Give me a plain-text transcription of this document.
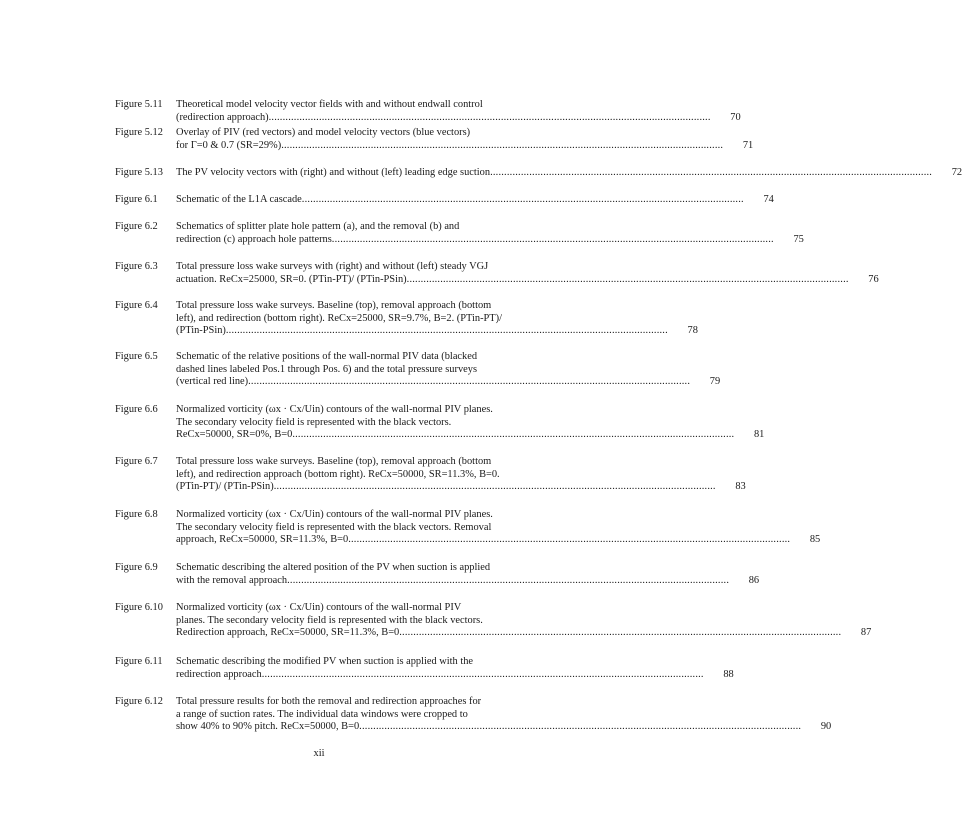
Figure 5.11	Theoretical model velocity vector fields with and without endwall control
(redirection approach) ..............................................................................................................................................................	70
Figure 5.12	Overlay of PIV (red vectors) and model velocity vectors (blue vectors)
for Γ=0 & 0.7 (SR=29%) ..............................................................................................................................................................	71
Figure 5.13	The PV velocity vectors with (right) and without (left) leading edge suction ..............................................................................................................................................................	72
Figure 6.1	Schematic of the L1A cascade ..............................................................................................................................................................	74
Figure 6.2	Schematics of splitter plate hole pattern (a), and the removal (b) and
redirection (c) approach hole patterns ..............................................................................................................................................................	75
Figure 6.3	Total pressure loss wake surveys with (right) and without (left) steady VGJ
actuation. ReCx=25000, SR=0. (PTin-PT)/ (PTin-PSin) ..............................................................................................................................................................	76
Figure 6.4	Total pressure loss wake surveys. Baseline (top), removal approach (bottom
left), and redirection (bottom right). ReCx=25000, SR=9.7%, B=2. (PTin-PT)/
(PTin-PSin) ..............................................................................................................................................................	78
Figure 6.5	Schematic of the relative positions of the wall-normal PIV data (blacked
dashed lines labeled Pos.1 through Pos. 6) and the total pressure surveys
(vertical red line) ..............................................................................................................................................................	79
Figure 6.6	Normalized vorticity (ωx · Cx/Uin) contours of the wall-normal PIV planes.
The secondary velocity field is represented with the black vectors.
ReCx=50000, SR=0%, B=0 ..............................................................................................................................................................	81
Figure 6.7	Total pressure loss wake surveys. Baseline (top), removal approach (bottom
left), and redirection approach (bottom right). ReCx=50000, SR=11.3%, B=0.
(PTin-PT)/ (PTin-PSin) ..............................................................................................................................................................	83
Figure 6.8	Normalized vorticity (ωx · Cx/Uin) contours of the wall-normal PIV planes.
The secondary velocity field is represented with the black vectors. Removal
approach, ReCx=50000, SR=11.3%, B=0 ..............................................................................................................................................................	85
Figure 6.9	Schematic describing the altered position of the PV when suction is applied
with the removal approach ..............................................................................................................................................................	86
Figure 6.10	Normalized vorticity (ωx · Cx/Uin) contours of the wall-normal PIV
planes. The secondary velocity field is represented with the black vectors.
Redirection approach, ReCx=50000, SR=11.3%, B=0 ..............................................................................................................................................................	87
Figure 6.11	Schematic describing the modified PV when suction is applied with the
redirection approach ..............................................................................................................................................................	88
Figure 6.12	Total pressure results for both the removal and redirection approaches for
a range of suction rates. The individual data windows were cropped to
show 40% to 90% pitch. ReCx=50000, B=0 ..............................................................................................................................................................	90
xii
